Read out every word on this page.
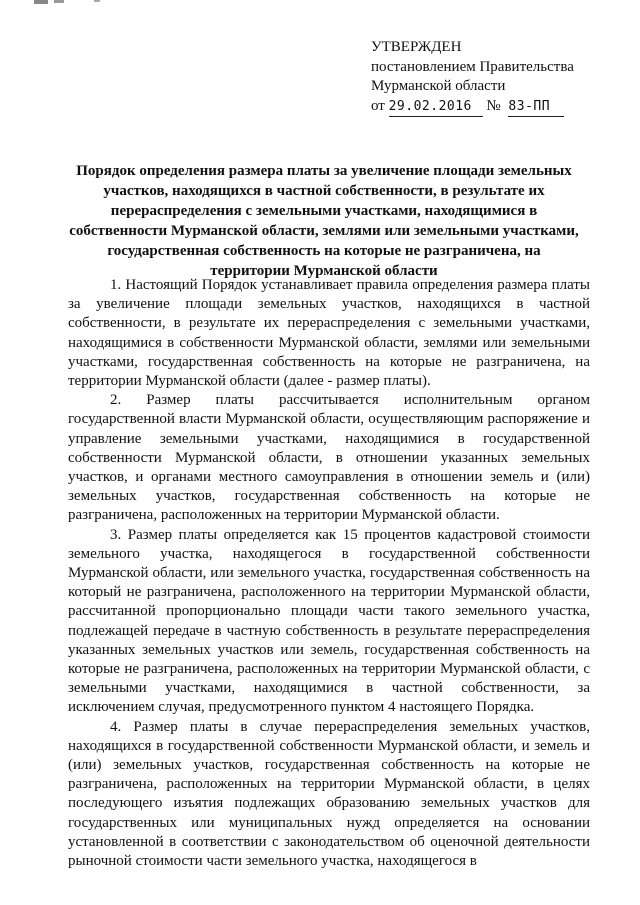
УТВЕРЖДЕН
постановлением Правительства
Мурманской области
от 29.02.2016 № 83-ПП
Порядок определения размера платы за увеличение площади земельных участков, находящихся в частной собственности, в результате их перераспределения с земельными участками, находящимися в собственности Мурманской области, землями или земельными участками, государственная собственность на которые не разграничена, на территории Мурманской области

1. Настоящий Порядок устанавливает правила определения размера платы за увеличение площади земельных участков, находящихся в частной собственности, в результате их перераспределения с земельными участками, находящимися в собственности Мурманской области, землями или земельными участками, государственная собственность на которые не разграничена, на территории Мурманской области (далее - размер платы).

2. Размер платы рассчитывается исполнительным органом государственной власти Мурманской области, осуществляющим распоряжение и управление земельными участками, находящимися в государственной собственности Мурманской области, в отношении указанных земельных участков, и органами местного самоуправления в отношении земель и (или) земельных участков, государственная собственность на которые не разграничена, расположенных на территории Мурманской области.

3. Размер платы определяется как 15 процентов кадастровой стоимости земельного участка, находящегося в государственной собственности Мурманской области, или земельного участка, государственная собственность на который не разграничена, расположенного на территории Мурманской области, рассчитанной пропорционально площади части такого земельного участка, подлежащей передаче в частную собственность в результате перераспределения указанных земельных участков или земель, государственная собственность на которые не разграничена, расположенных на территории Мурманской области, с земельными участками, находящимися в частной собственности, за исключением случая, предусмотренного пунктом 4 настоящего Порядка.

4. Размер платы в случае перераспределения земельных участков, находящихся в государственной собственности Мурманской области, и земель и (или) земельных участков, государственная собственность на которые не разграничена, расположенных на территории Мурманской области, в целях последующего изъятия подлежащих образованию земельных участков для государственных или муниципальных нужд определяется на основании установленной в соответствии с законодательством об оценочной деятельности рыночной стоимости части земельного участка, находящегося в
